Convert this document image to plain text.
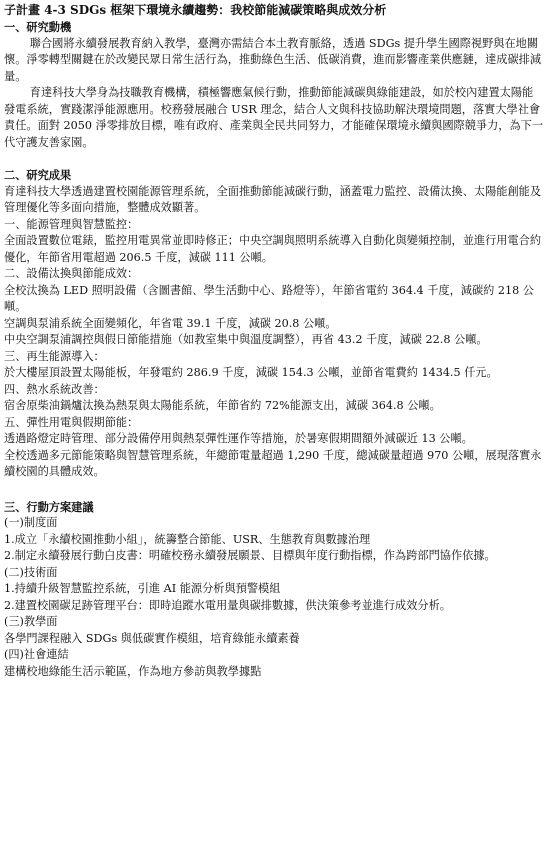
子計畫 4-3 SDGs 框架下環境永續趨勢：我校節能減碳策略與成效分析

一、研究動機

聯合國將永續發展教育納入教學，臺灣亦需結合本土教育脈絡，透過 SDGs 提升學生國際視野與在地關懷。淨零轉型關鍵在於改變民眾日常生活行為，推動綠色生活、低碳消費，進而影響產業供應鏈，達成碳排減量。

育達科技大學身為技職教育機構，積極響應氣候行動，推動節能減碳與綠能建設，如於校內建置太陽能發電系統，實踐潔淨能源應用。校務發展融合 USR 理念，結合人文與科技協助解決環境問題，落實大學社會責任。面對 2050 淨零排放目標，唯有政府、產業與全民共同努力，才能確保環境永續與國際競爭力，為下一代守護友善家園。

二、研究成果

育達科技大學透過建置校園能源管理系統，全面推動節能減碳行動，涵蓋電力監控、設備汰換、太陽能創能及管理優化等多面向措施，整體成效顯著。

一、能源管理與智慧監控：

全面設置數位電錶，監控用電異常並即時修正；中央空調與照明系統導入自動化與變頻控制，並進行用電合約優化，年節省用電超過 206.5 千度，減碳 111 公噸。

二、設備汰換與節能成效：

全校汰換為 LED 照明設備（含圖書館、學生活動中心、路燈等），年節省電約 364.4 千度，減碳約 218 公噸。

空調與泵浦系統全面變頻化，年省電 39.1 千度，減碳 20.8 公噸。

中央空調泵浦調控與假日節能措施（如教室集中與溫度調整），再省 43.2 千度，減碳 22.8 公噸。

三、再生能源導入：

於大樓屋頂設置太陽能板，年發電約 286.9 千度，減碳 154.3 公噸，並節省電費約 1434.5 仟元。

四、熱水系統改善：

宿舍原柴油鍋爐汰換為熱泵與太陽能系統，年節省約 72%能源支出，減碳 364.8 公噸。

五、彈性用電與假期節能：

透過路燈定時管理、部分設備停用與熱泵彈性運作等措施，於暑寒假期間額外減碳近 13 公噸。

全校透過多元節能策略與智慧管理系統，年總節電量超過 1,290 千度，總減碳量超過 970 公噸，展現落實永續校園的具體成效。

三、行動方案建議

(一)制度面

1.成立「永續校園推動小組」，統籌整合節能、USR、生態教育與數據治理

2.制定永續發展行動白皮書：明確校務永續發展願景、目標與年度行動指標，作為跨部門協作依據。

(二)技術面

1.持續升級智慧監控系統，引進 AI 能源分析與預警模組

2.建置校園碳足跡管理平台：即時追蹤水電用量與碳排數據，供決策參考並進行成效分析。

(三)教學面

各學門課程融入 SDGs 與低碳實作模組，培育綠能永續素養

(四)社會連結

建構校地綠能生活示範區，作為地方參訪與教學據點
